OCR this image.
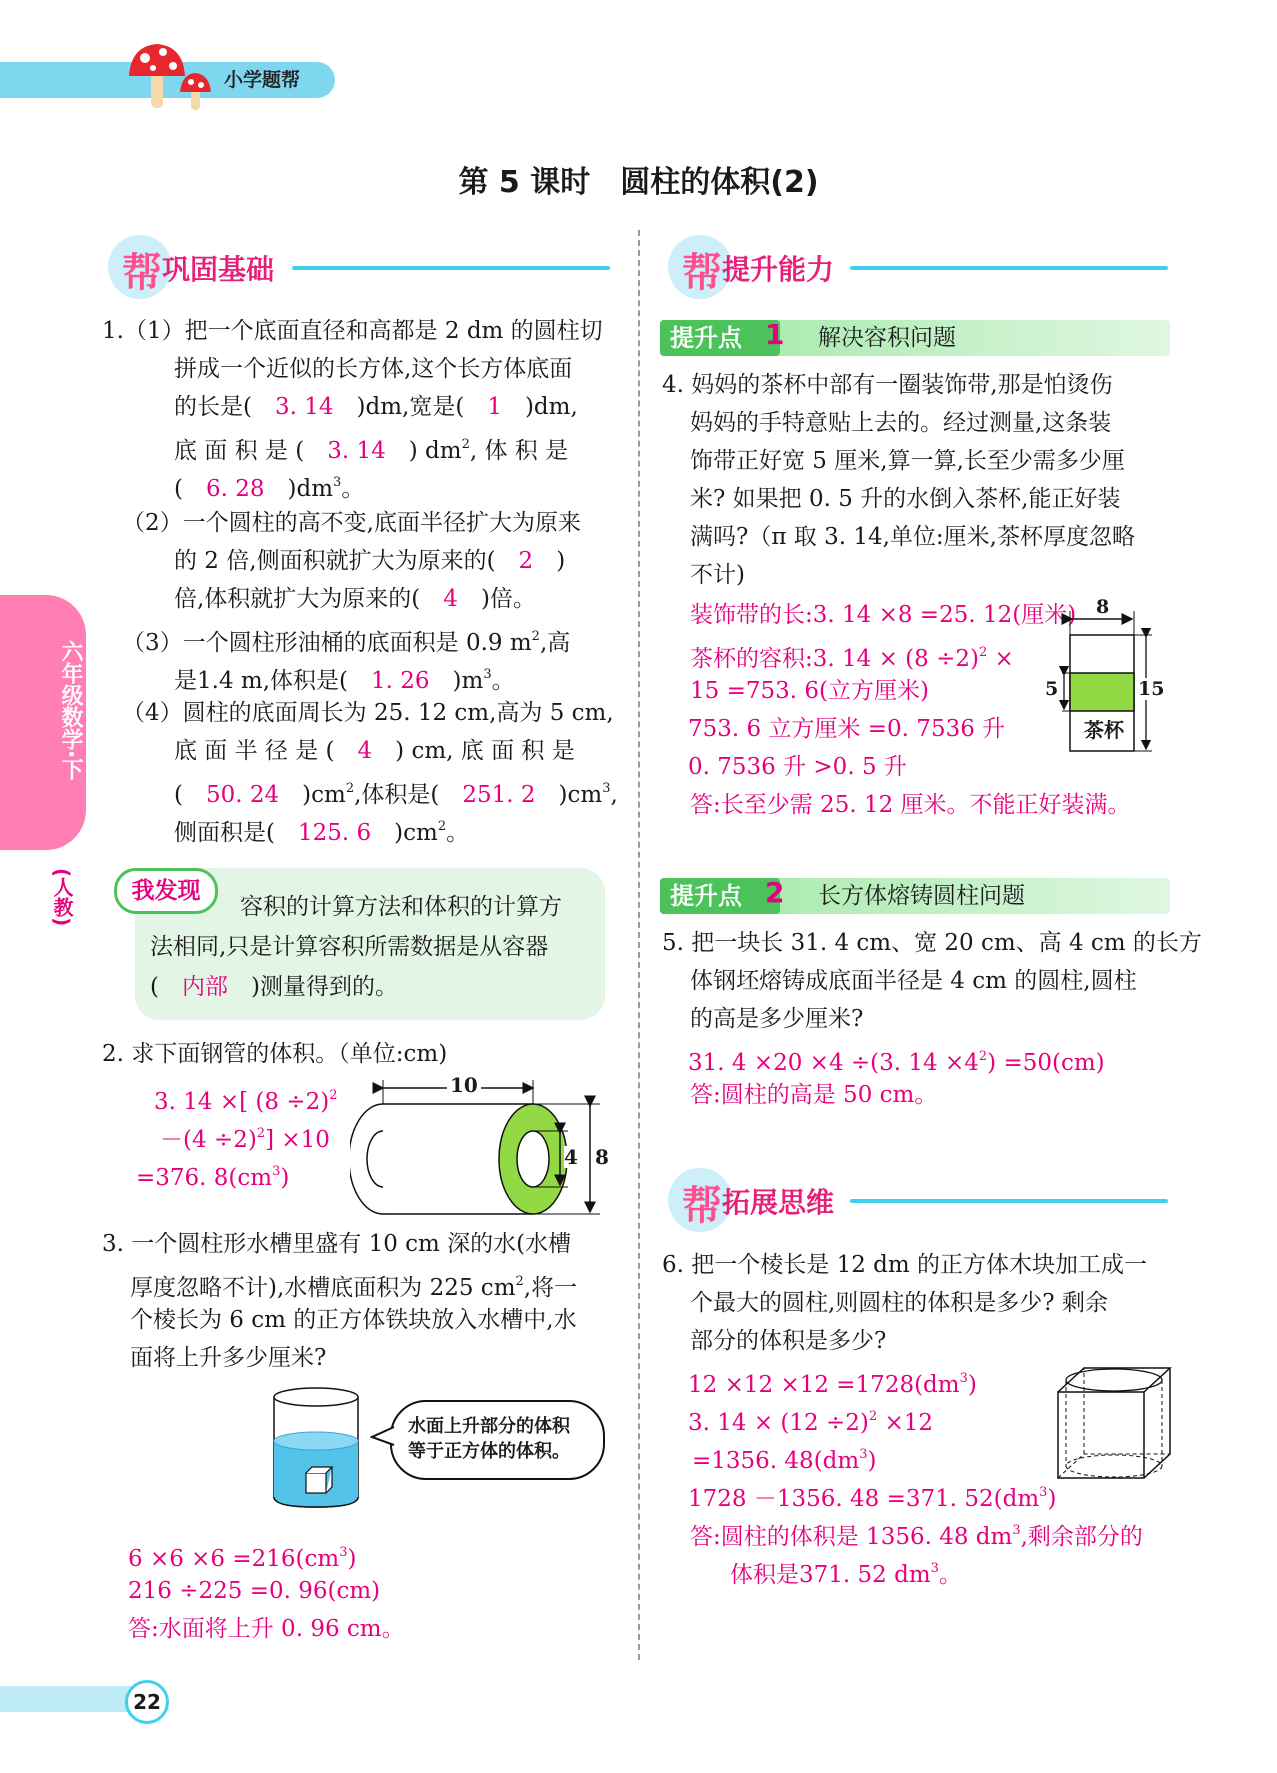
小学题帮
第 5 课时　圆柱的体积(2)
六年级数学·下
(人教)
帮 巩固基础
1.（1）把一个底面直径和高都是 2 dm 的圆柱切
拼成一个近似的长方体,这个长方体底面
的长是(　 3. 14　 )dm,宽是(　 1　 )dm,
底 面 积 是 (　 3. 14　 ) $dm^2$, 体 积 是
(　 6. 28　 )$dm^3$。
（2）一个圆柱的高不变,底面半径扩大为原来
的 2 倍,侧面积就扩大为原来的(　 2　 )
倍,体积就扩大为原来的(　 4　 )倍。
（3）一个圆柱形油桶的底面积是 0.9 $m^2$,高
是1.4 m,体积是(　 1. 26　 )$m^3$。
（4）圆柱的底面周长为 25. 12 cm,高为 5 cm,
底 面 半 径 是 (　 4　 ) cm, 底 面 积 是
(　 50. 24　 )$cm^2$,体积是(　 251. 2　 )$cm^3$,
侧面积是(　 125. 6　 )$cm^2$。
我发现
容积的计算方法和体积的计算方
法相同,只是计算容积所需数据是从容器
(　 内部　 )测量得到的。
2. 求下面钢管的体积。（单位:cm)
3. 14 ×[ $(8 \div 2)^2$
$-(4 \div 2)^2] \times 10$
=376. $8(cm^3)$
10
4 8
3. 一个圆柱形水槽里盛有 10 cm 深的水(水槽
厚度忽略不计),水槽底面积为 225 $cm^2$,将一
个棱长为 6 cm 的正方体铁块放入水槽中,水
面将上升多少厘米?
水面上升部分的体积
等于正方体的体积。
$6 \times 6 \times 6 =216(cm^3)$
216 ÷225 =0. 96(cm)
答:水面将上升 0. 96 cm。
帮 提升能力
提升点 1 解决容积问题
4. 妈妈的茶杯中部有一圈装饰带,那是怕烫伤
妈妈的手特意贴上去的。经过测量,这条装
饰带正好宽 5 厘米,算一算,长至少需多少厘
米? 如果把 0. 5 升的水倒入茶杯,能正好装
满吗?（π 取 3. 14,单位:厘米,茶杯厚度忽略
不计)
装饰带的长:3. 14 ×8 =25. 12(厘米)
茶杯的容积:3. $14 \times (8 \div 2)^2$ ×
15 =753. 6(立方厘米)
753. 6 立方厘米 =0. 7536 升
0. 7536 升 >0. 5 升
答:长至少需 25. 12 厘米。不能正好装满。
8
5	15
茶杯
提升点 2 长方体熔铸圆柱问题
5. 把一块长 31. 4 cm、宽 20 cm、高 4 cm 的长方
体钢坯熔铸成底面半径是 4 cm 的圆柱,圆柱
的高是多少厘米?
31. 4 ×20 ×4 ÷(3. $14 \times 4^2) =50(cm)$
答:圆柱的高是 50 cm。
帮 拓展思维
6. 把一个棱长是 12 dm 的正方体木块加工成一
个最大的圆柱,则圆柱的体积是多少? 剩余
部分的体积是多少?
$12 \times 12 \times 12 =1728(dm^3)$
3. $14 \times (12 \div 2)^2 \times 12$
=1356. $48(dm^3)$
1728 －1356. 48 =371. $52(dm^3)$
答:圆柱的体积是 1356. 48 $dm^3$,剩余部分的
体积是371. 52 $dm^3$。
22
